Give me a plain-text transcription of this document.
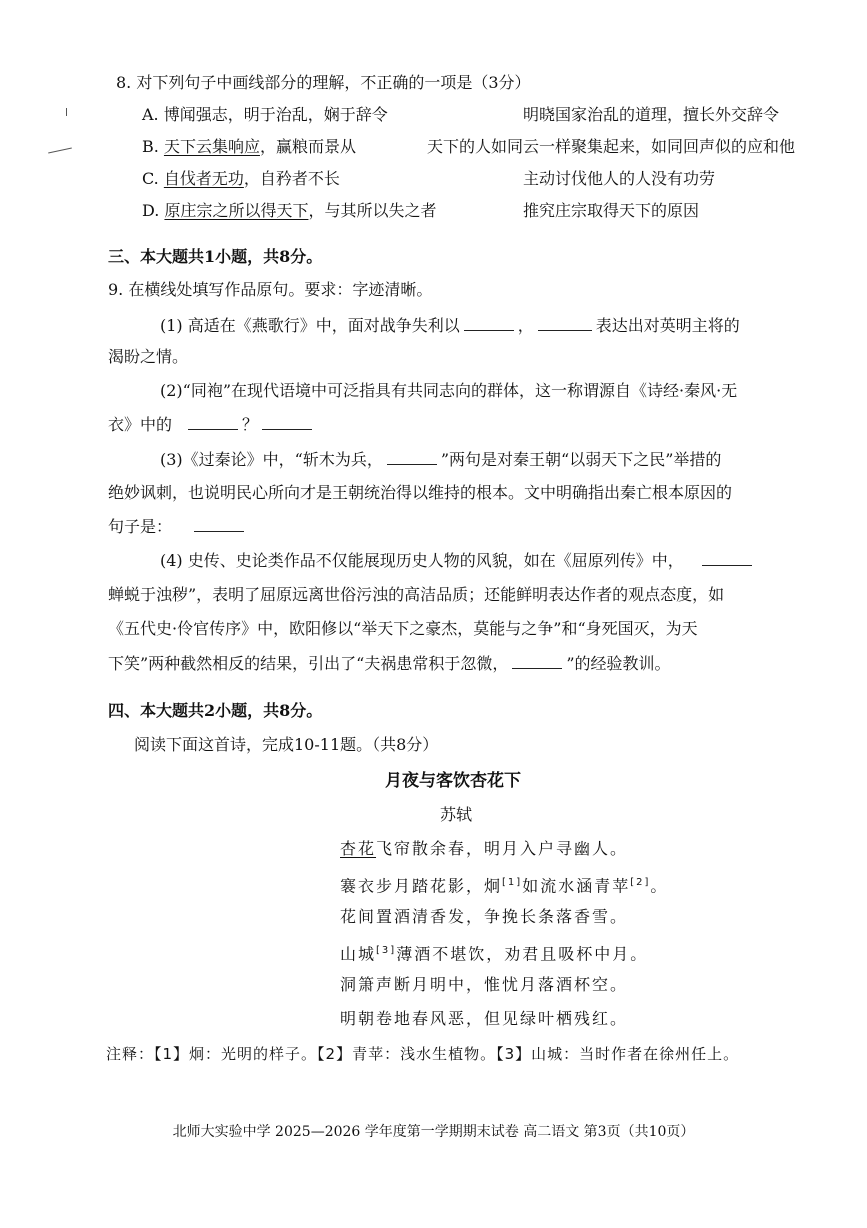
8. 对下列句子中画线部分的理解，不正确的一项是（3分）
A. 博闻强志，明于治乱，娴于辞令	明晓国家治乱的道理，擅长外交辞令
B. 天下云集响应，赢粮而景从	天下的人如同云一样聚集起来，如同回声似的应和他
C. 自伐者无功，自矜者不长	主动讨伐他人的人没有功劳
D. 原庄宗之所以得天下，与其所以失之者	推究庄宗取得天下的原因
三、本大题共1小题，共8分。
9. 在横线处填写作品原句。要求：字迹清晰。
(1) 高适在《燕歌行》中，面对战争失利以	，	表达出对英明主将的
渴盼之情。
(2)“同袍”在现代语境中可泛指具有共同志向的群体，这一称谓源自《诗经·秦风·无
衣》中的	？
(3)《过秦论》中，“斩木为兵，	”两句是对秦王朝“以弱天下之民”举措的
绝妙讽刺，也说明民心所向才是王朝统治得以维持的根本。文中明确指出秦亡根本原因的
句子是：
(4) 史传、史论类作品不仅能展现历史人物的风貌，如在《屈原列传》中，
蝉蜕于浊秽”，表明了屈原远离世俗污浊的高洁品质；还能鲜明表达作者的观点态度，如
《五代史·伶官传序》中，欧阳修以“举天下之豪杰，莫能与之争”和“身死国灭，为天
下笑”两种截然相反的结果，引出了“夫祸患常积于忽微，	”的经验教训。
四、本大题共2小题，共8分。
阅读下面这首诗，完成10-11题。（共8分）
月夜与客饮杏花下
苏轼
杏花飞帘散余春，明月入户寻幽人。
褰衣步月踏花影，炯[1]如流水涵青苹[2]。
花间置酒清香发，争挽长条落香雪。
山城[3]薄酒不堪饮，劝君且吸杯中月。
洞箫声断月明中，惟忧月落酒杯空。
明朝卷地春风恶，但见绿叶栖残红。
注释：【1】炯：光明的样子。【2】青苹：浅水生植物。【3】山城：当时作者在徐州任上。
北师大实验中学 2025—2026 学年度第一学期期末试卷 高二语文 第3页（共10页）
